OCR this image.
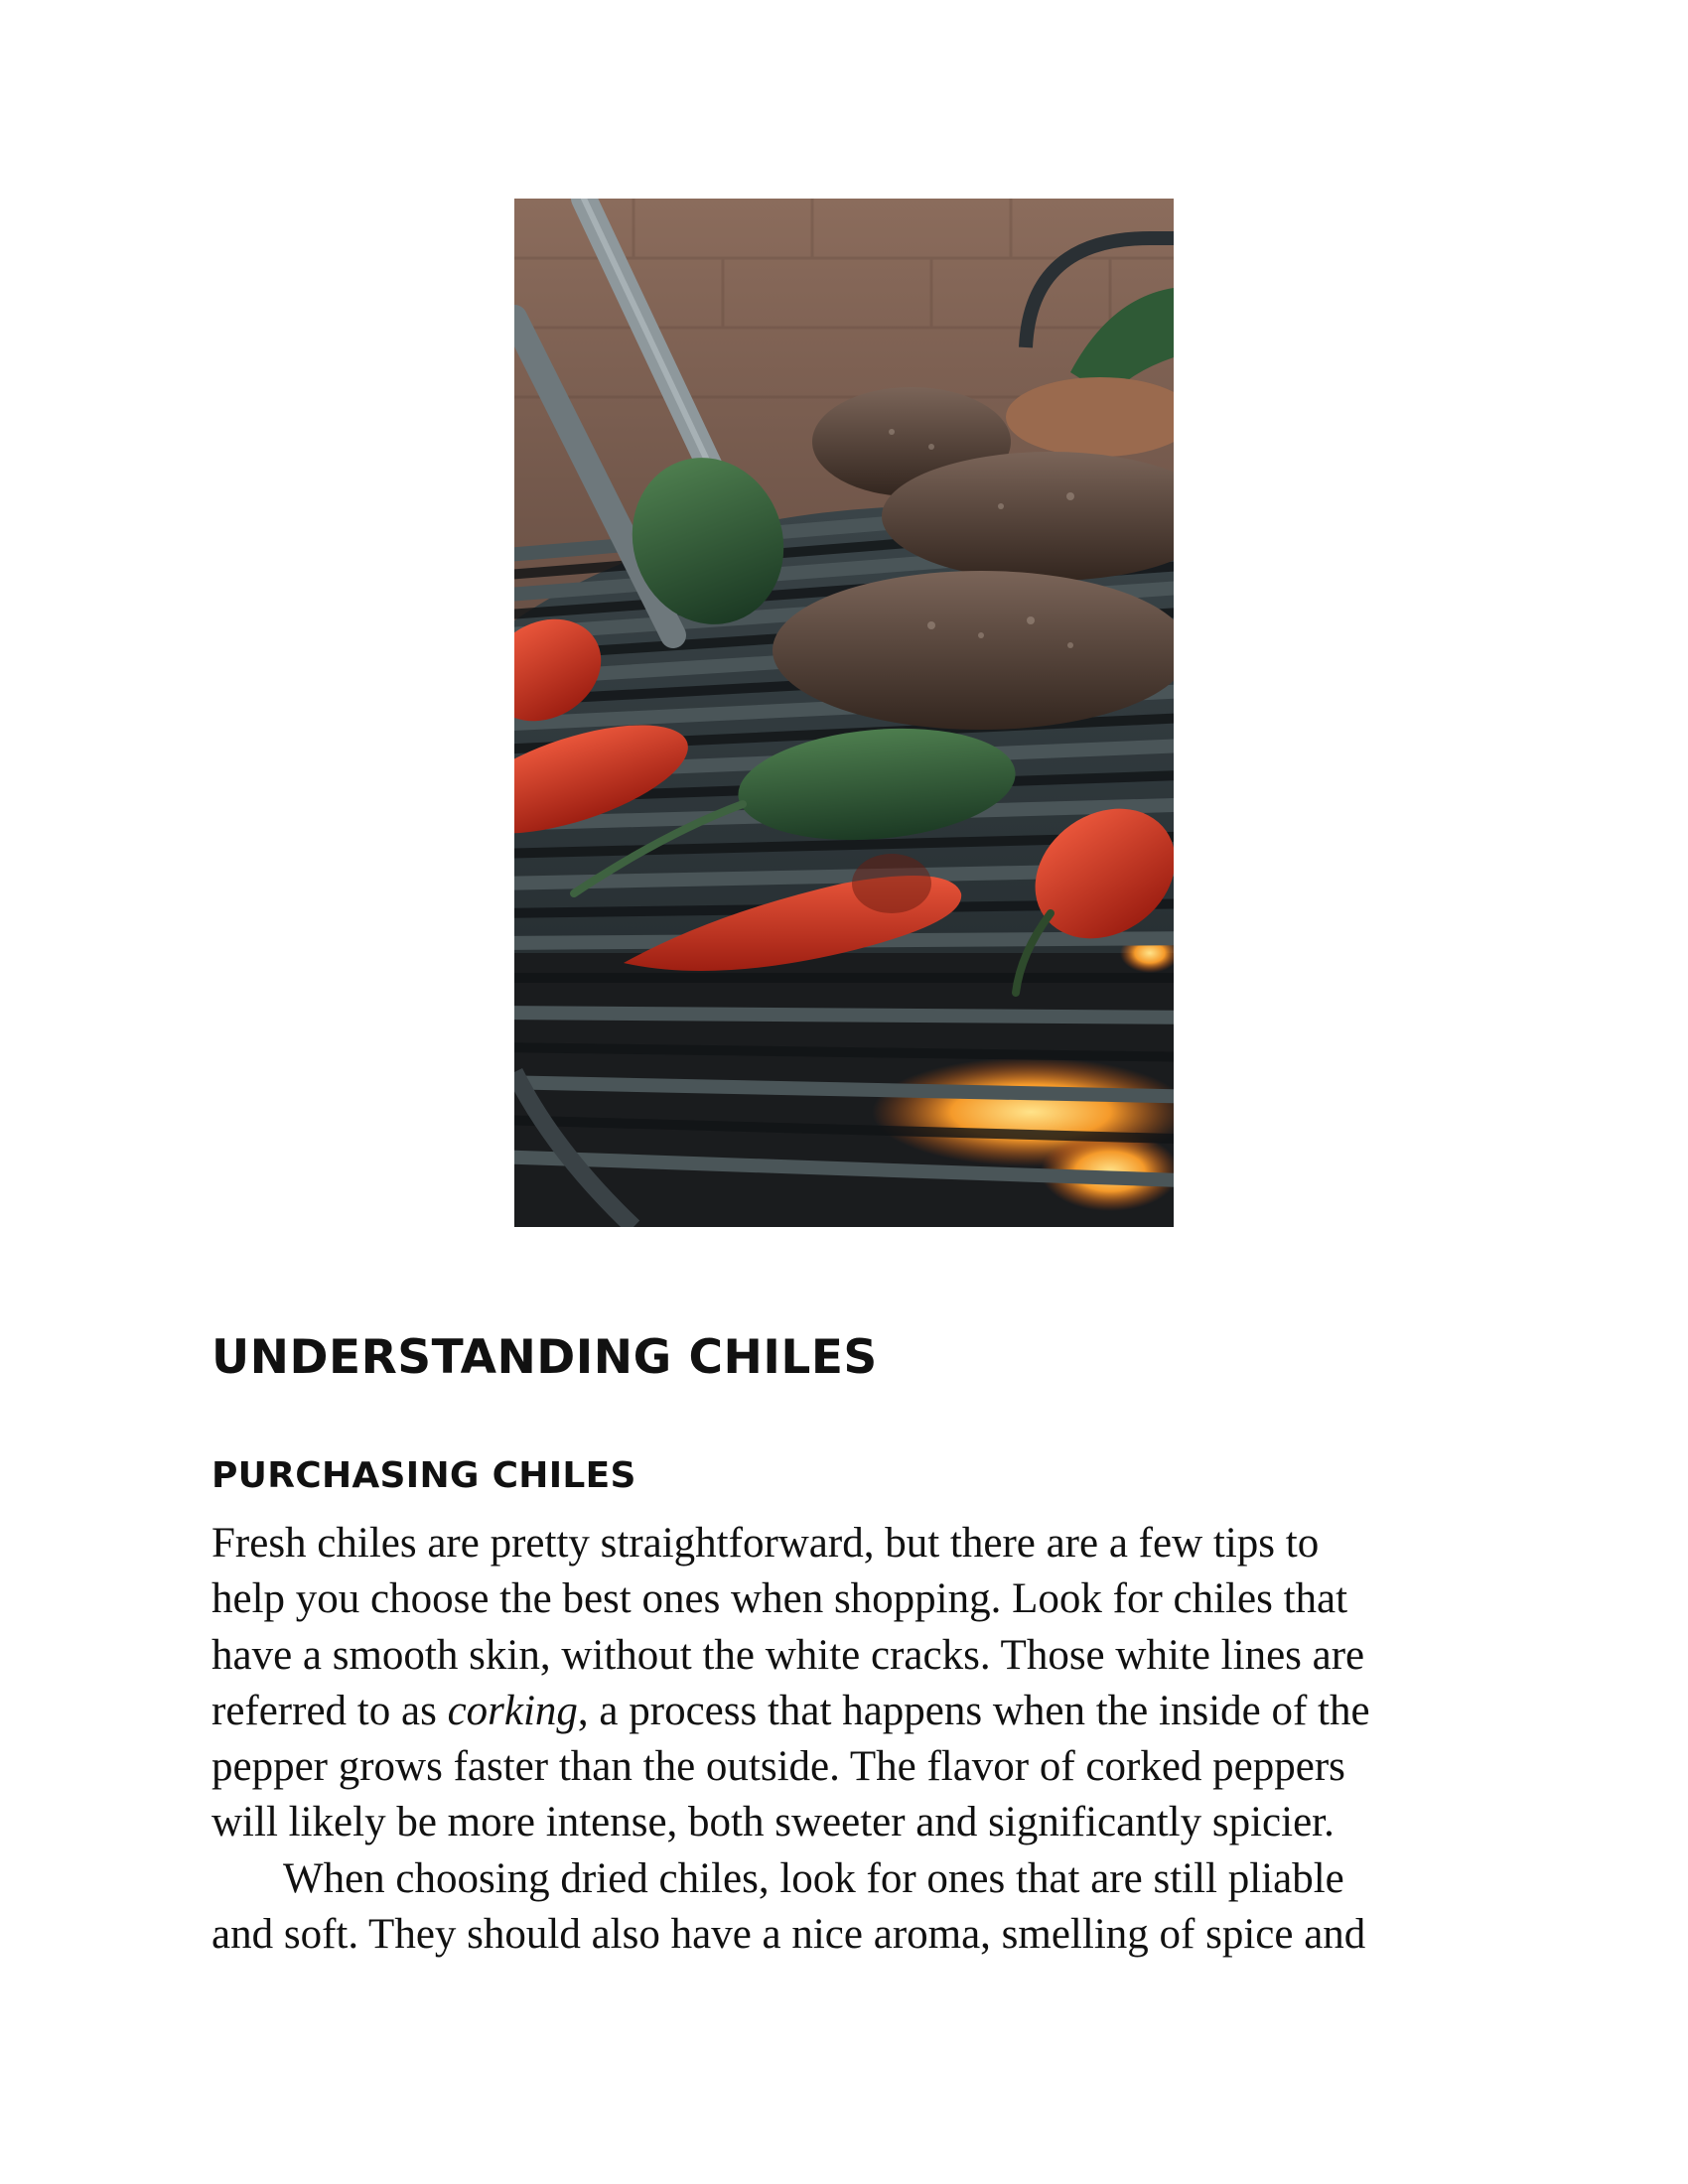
UNDERSTANDING CHILES
PURCHASING CHILES
Fresh chiles are pretty straightforward, but there are a few tips to
help you choose the best ones when shopping. Look for chiles that
have a smooth skin, without the white cracks. Those white lines are
referred to as corking, a process that happens when the inside of the
pepper grows faster than the outside. The flavor of corked peppers
will likely be more intense, both sweeter and significantly spicier.
When choosing dried chiles, look for ones that are still pliable
and soft. They should also have a nice aroma, smelling of spice and
